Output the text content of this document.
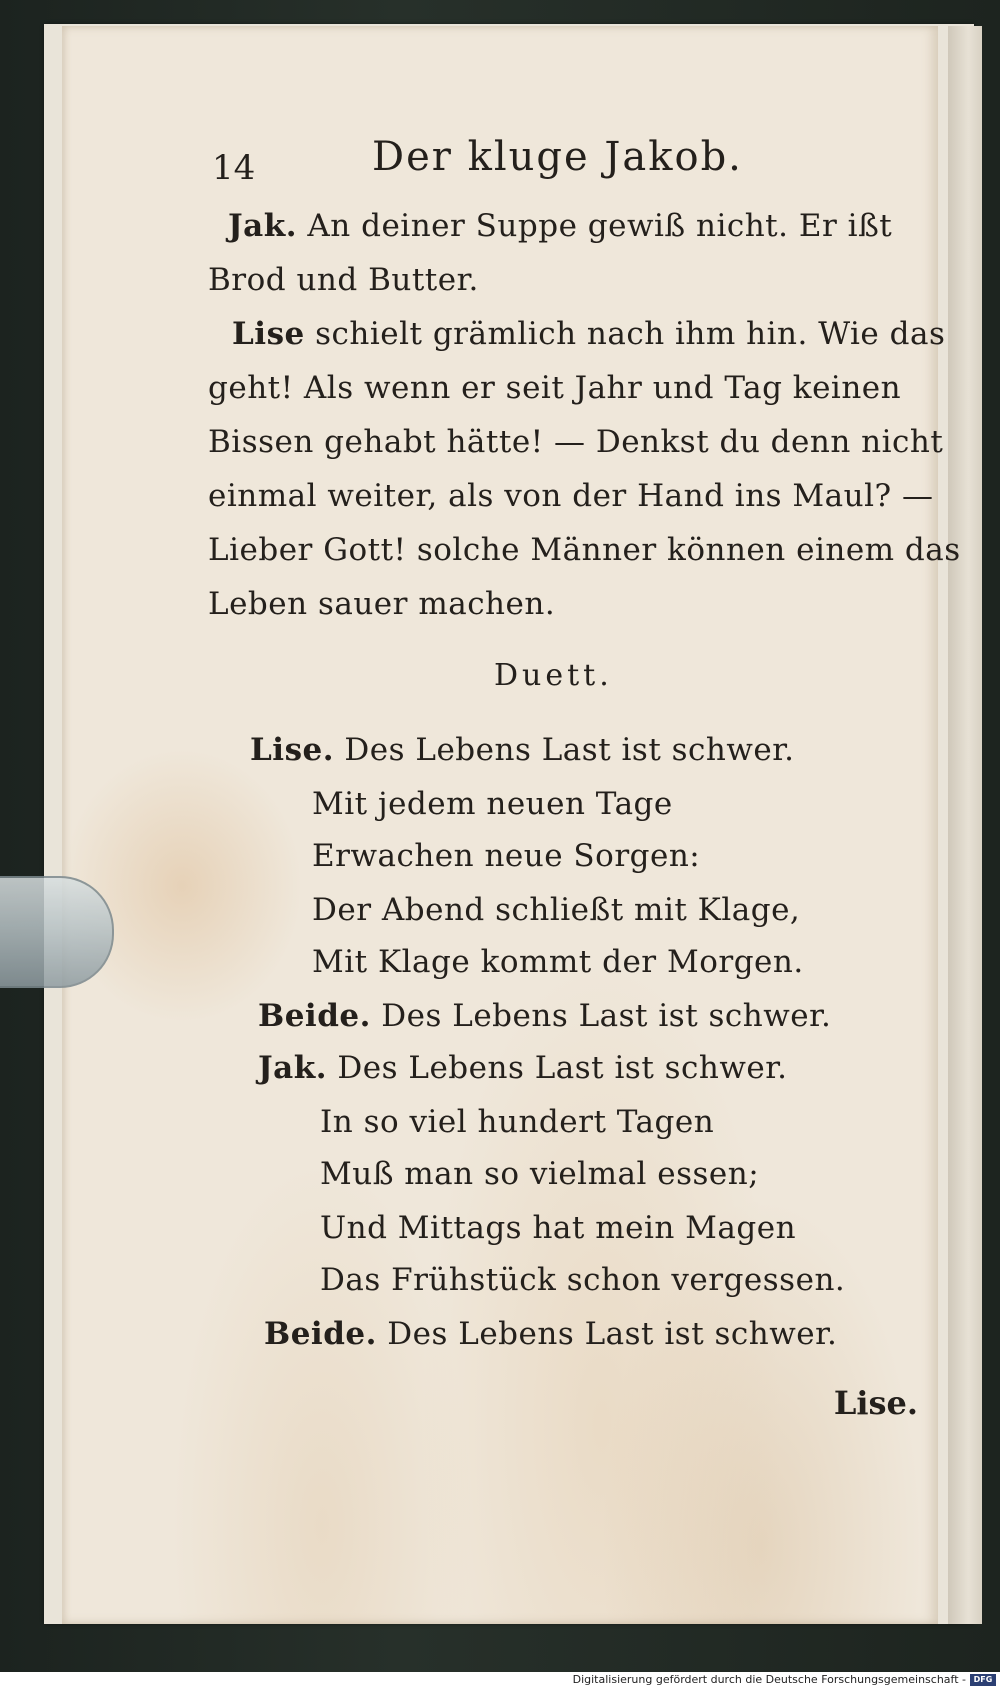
14	Der kluge Jakob.
Jak. An deiner Suppe gewiß nicht. Er ißt
Brod und Butter.
Lise schielt grämlich nach ihm hin. Wie das
geht! Als wenn er seit Jahr und Tag keinen
Bissen gehabt hätte! — Denkst du denn nicht
einmal weiter, als von der Hand ins Maul? —
Lieber Gott! solche Männer können einem das
Leben sauer machen.
Duett.
Lise. Des Lebens Last ist schwer.
Mit jedem neuen Tage
Erwachen neue Sorgen:
Der Abend schließt mit Klage,
Mit Klage kommt der Morgen.
Beide. Des Lebens Last ist schwer.
Jak. Des Lebens Last ist schwer.
In so viel hundert Tagen
Muß man so vielmal essen;
Und Mittags hat mein Magen
Das Frühstück schon vergessen.
Beide. Des Lebens Last ist schwer.
Lise.
Digitalisierung gefördert durch die Deutsche Forschungsgemeinschaft - DFG
